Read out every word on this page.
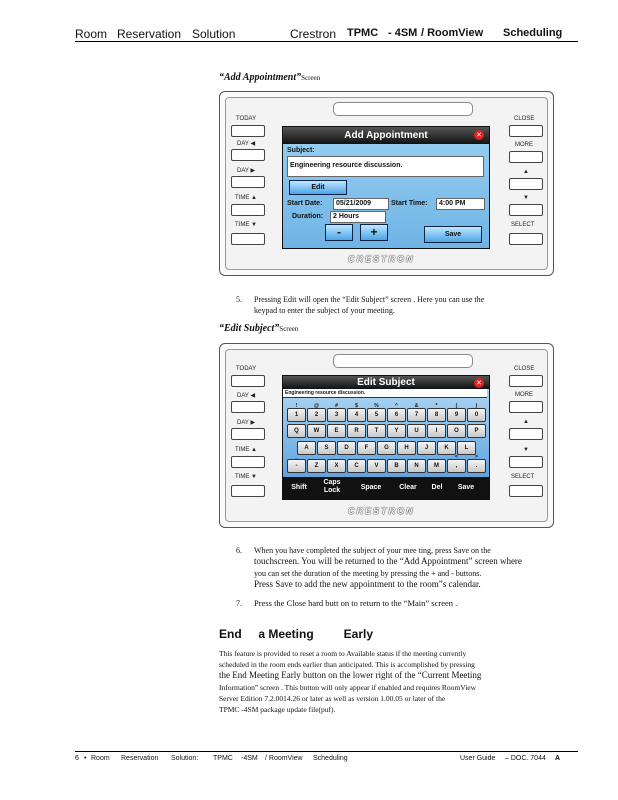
Room Reservation Solution	Crestron TPMC - 4SM / RoomView Scheduling
“Add Appointment”Screen
TODAY
DAY ◀
DAY ▶
TIME ▲
TIME ▼
CLOSE
MORE
▲
▼
SELECT
Add Appointment	✕
Subject:
Engineering resource discussion.
Edit
Start Date:	05/21/2009	Start Time:	4:00 PM
Duration:	2 Hours
-	+	Save
CRESTRON
5. Pressing Edit will open the “Edit Subject” screen . Here you can use the
keypad to enter the subject of your meeting.
“Edit Subject”Screen
TODAY
DAY ◀
DAY ▶
TIME ▲
TIME ▼
CLOSE
MORE
▲
▼
SELECT
Edit Subject	✕
Engineering resource discussion.
1
!
2
@
3
#
4
$
5
%
6
^
7
&
8
*
9
(
0
)
Q	W	E	R	T	Y	U	I	O	P
A	S	D	F	G	H	J	K	L
-
_
Z	X	C	V	B	N	M	,
<
.
>
Shift
Caps Lock	Space	Clear	Del	Save
CRESTRON
6. When you have completed the subject of your mee ting, press Save on the
touchscreen. You will be returned to the “Add Appointment” screen where
you can set the duration of the meeting by pressing the + and - buttons.
Press Save to add the new appointment to the room”s calendar.
7. Press the Close hard butt on to return to the “Main” screen .
End     a Meeting         Early
This feature is provided to reset a room to Available status if the meeting currently
scheduled in the room ends earlier than anticipated. This is accomplished by pressing
the End Meeting Early button on the lower right of the “Current Meeting
Information” screen . This button will only appear if enabled and requires RoomView
Server Edition 7.2.0014.26 or later as well as version 1.00.05 or later of the
TPMC -4SM package update file(puf).
6 • Room Reservation Solution: TPMC -4SM / RoomView Scheduling	User Guide – DOC. 7044 A
